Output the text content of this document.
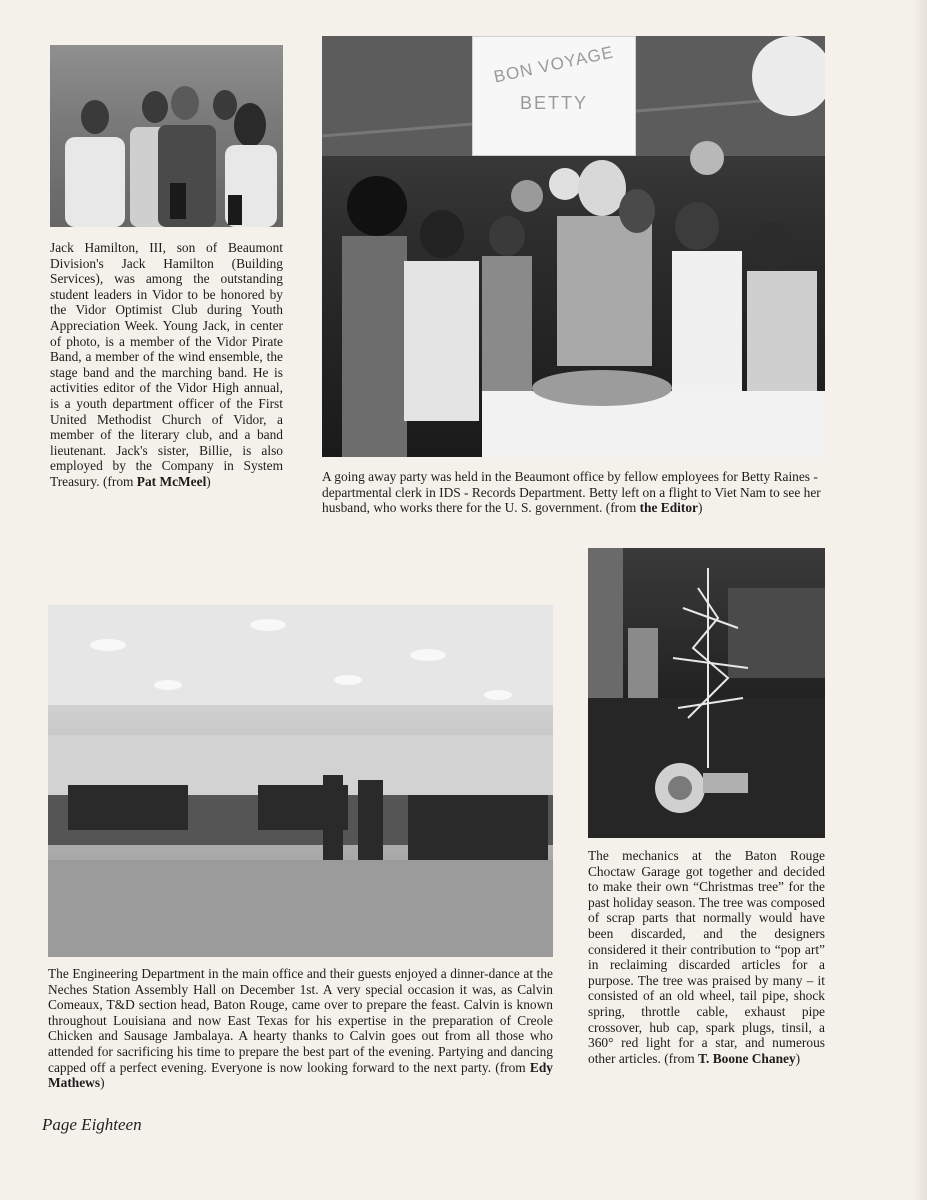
Jack Hamilton, III, son of Beaumont Division's Jack Hamilton (Building Services), was among the outstanding student leaders in Vidor to be honored by the Vidor Optimist Club during Youth Appreciation Week. Young Jack, in center of photo, is a member of the Vidor Pirate Band, a member of the wind ensemble, the stage band and the marching band. He is activities editor of the Vidor High annual, is a youth department officer of the First United Methodist Church of Vidor, a member of the literary club, and a band lieutenant. Jack's sister, Billie, is also employed by the Company in System Treasury. (from Pat McMeel)

BON VOYAGE
BETTY

A going away party was held in the Beaumont office by fellow employees for Betty Raines - departmental clerk in IDS - Records Department. Betty left on a flight to Viet Nam to see her husband, who works there for the U. S. government. (from the Editor)

The mechanics at the Baton Rouge Choctaw Garage got together and decided to make their own “Christmas tree” for the past holiday season. The tree was composed of scrap parts that normally would have been discarded, and the designers considered it their contribution to “pop art” in reclaiming discarded articles for a purpose. The tree was praised by many – it consisted of an old wheel, tail pipe, shock spring, throttle cable, exhaust pipe crossover, hub cap, spark plugs, tinsil, a 360° red light for a star, and numerous other articles. (from T. Boone Chaney)

The Engineering Department in the main office and their guests enjoyed a dinner-dance at the Neches Station Assembly Hall on December 1st. A very special occasion it was, as Calvin Comeaux, T&D section head, Baton Rouge, came over to prepare the feast. Calvin is known throughout Louisiana and now East Texas for his expertise in the preparation of Creole Chicken and Sausage Jambalaya. A hearty thanks to Calvin goes out from all those who attended for sacrificing his time to prepare the best part of the evening. Partying and dancing capped off a perfect evening. Everyone is now looking forward to the next party. (from Edy Mathews)

Page Eighteen
